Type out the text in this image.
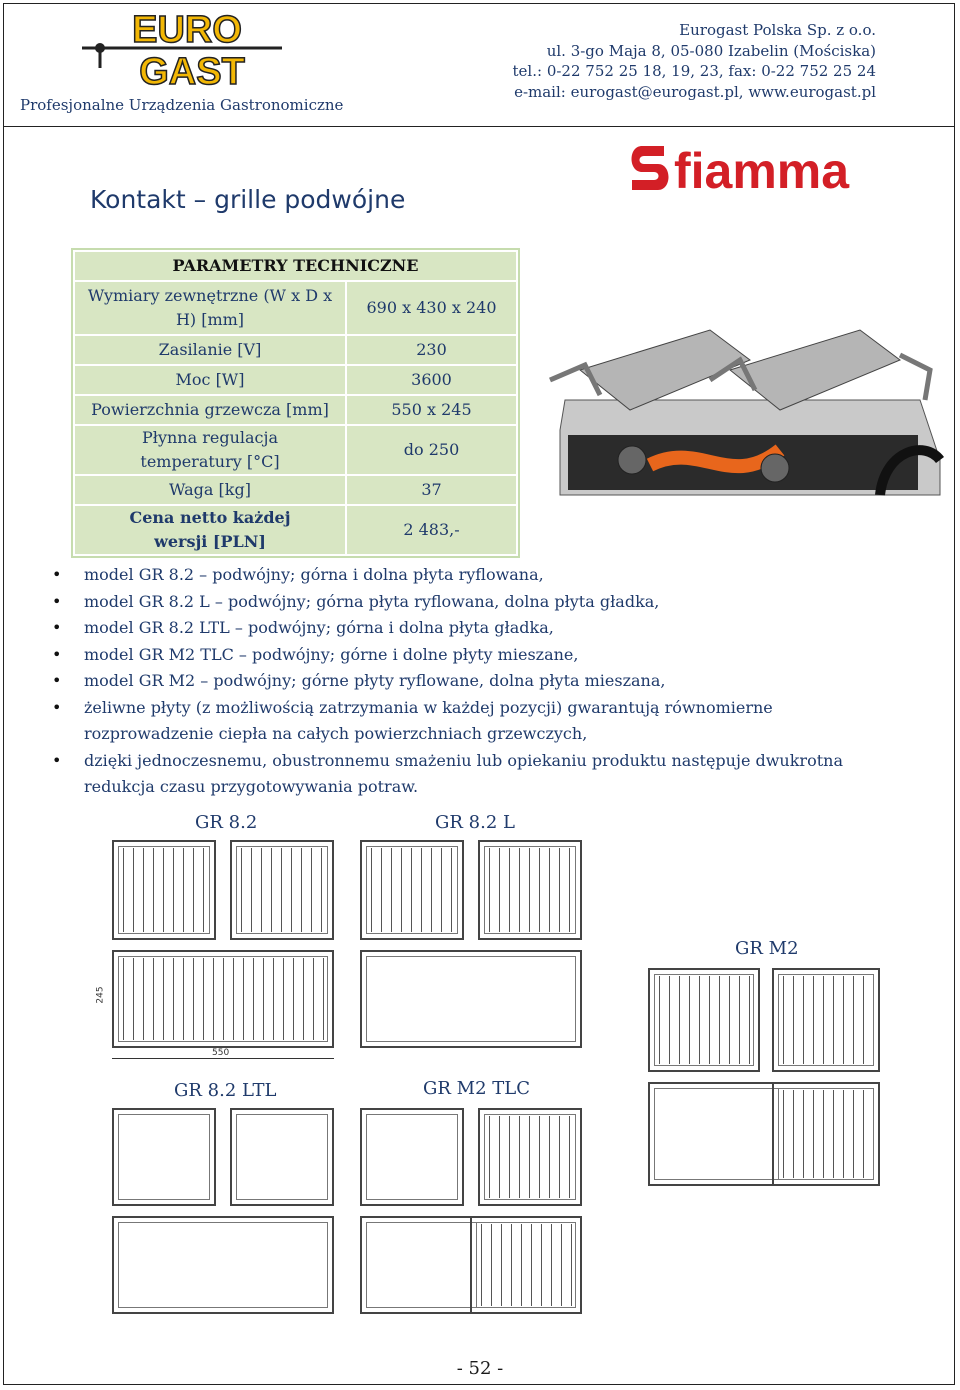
EURO
GAST
Profesjonalne Urządzenia Gastronomiczne
Eurogast Polska Sp. z o.o.
ul. 3-go Maja 8, 05-080 Izabelin (Mościska)
tel.: 0-22 752 25 18, 19, 23, fax: 0-22 752 25 24
e-mail: eurogast@eurogast.pl, www.eurogast.pl
fiamma
Kontakt – grille podwójne
PARAMETRY TECHNICZNE	
Wymiary zewnętrzne (W x D x H) [mm]	690 x 430 x 240
Zasilanie [V]	230
Moc [W]	3600
Powierzchnia grzewcza [mm]	550 x 245
Płynna regulacja temperatury [°C]	do 250
Waga [kg]	37
Cena netto każdej wersji [PLN]	2 483,-
• model GR 8.2 – podwójny; górna i dolna płyta ryflowana,
• model GR 8.2 L – podwójny; górna płyta ryflowana, dolna płyta gładka,
• model GR 8.2 LTL – podwójny; górna i dolna płyta gładka,
• model GR M2 TLC – podwójny; górne i dolne płyty mieszane,
• model GR M2 – podwójny; górne płyty ryflowane, dolna płyta mieszana,
• żeliwne płyty (z możliwością zatrzymania w każdej pozycji) gwarantują równomierne rozprowadzenie ciepła na całych powierzchniach grzewczych,
• dzięki jednoczesnemu, obustronnemu smażeniu lub opiekaniu produktu następuje dwukrotna redukcja czasu przygotowywania potraw.
GR 8.2	GR 8.2 L
GR M2
GR 8.2 LTL	GR M2 TLC
245
550
- 52 -
